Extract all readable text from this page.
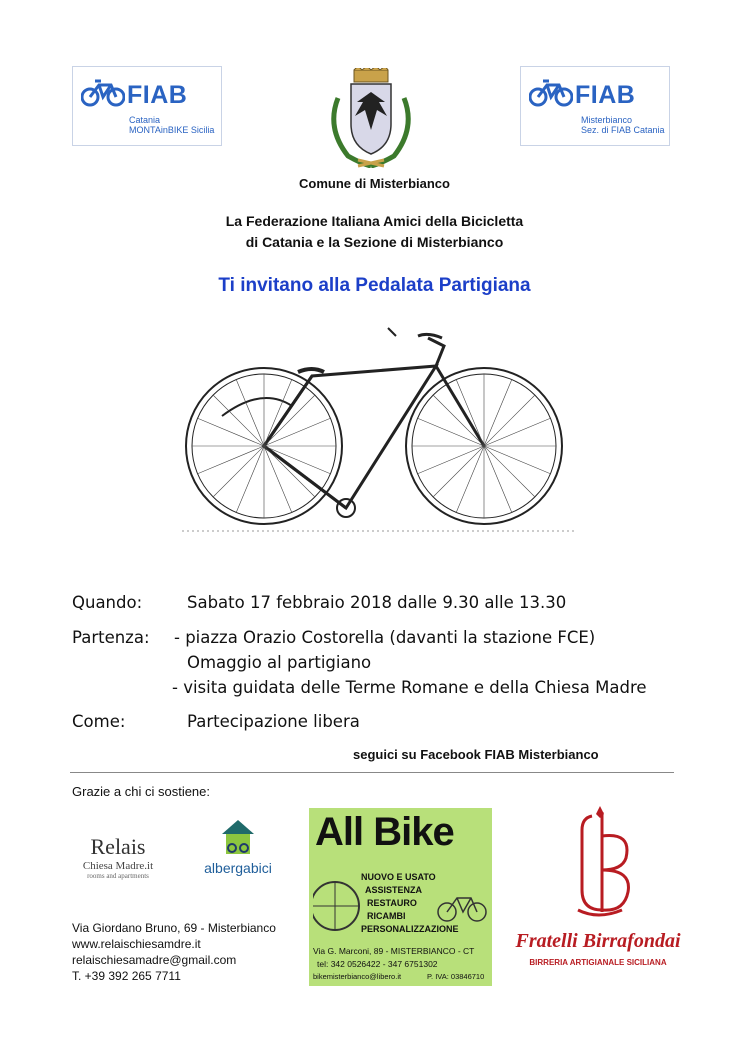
FIAB
Catania
MONTAinBIKE Sicilia
FIAB
Misterbianco
Sez. di FIAB Catania
Comune di Misterbianco
La Federazione Italiana Amici della Bicicletta
di Catania e la Sezione di Misterbianco
Ti invitano alla Pedalata Partigiana
Quando:	Sabato 17 febbraio 2018 dalle 9.30 alle 13.30
Partenza: - piazza Orazio Costorella (davanti la stazione FCE)
Omaggio al partigiano
- visita guidata delle Terme Romane e della Chiesa Madre
Come:	Partecipazione libera
seguici su Facebook FIAB Misterbianco
Grazie a chi ci sostiene:
Relais
Chiesa Madre.it
rooms and apartments	albergabici
All Bike
NUOVO E USATO
ASSISTENZA
RESTAURO
RICAMBI
PERSONALIZZAZIONE
Via G. Marconi, 89 - MISTERBIANCO - CT
tel: 342 0526422 - 347 6751302
bikemisterbianco@libero.it	P. IVA: 03846710
Fratelli Birrafondai
BIRRERIA ARTIGIANALE SICILIANA
Via Giordano Bruno, 69 - Misterbianco
www.relaischiesamdre.it
relaischiesamadre@gmail.com
T. +39 392 265 7711
